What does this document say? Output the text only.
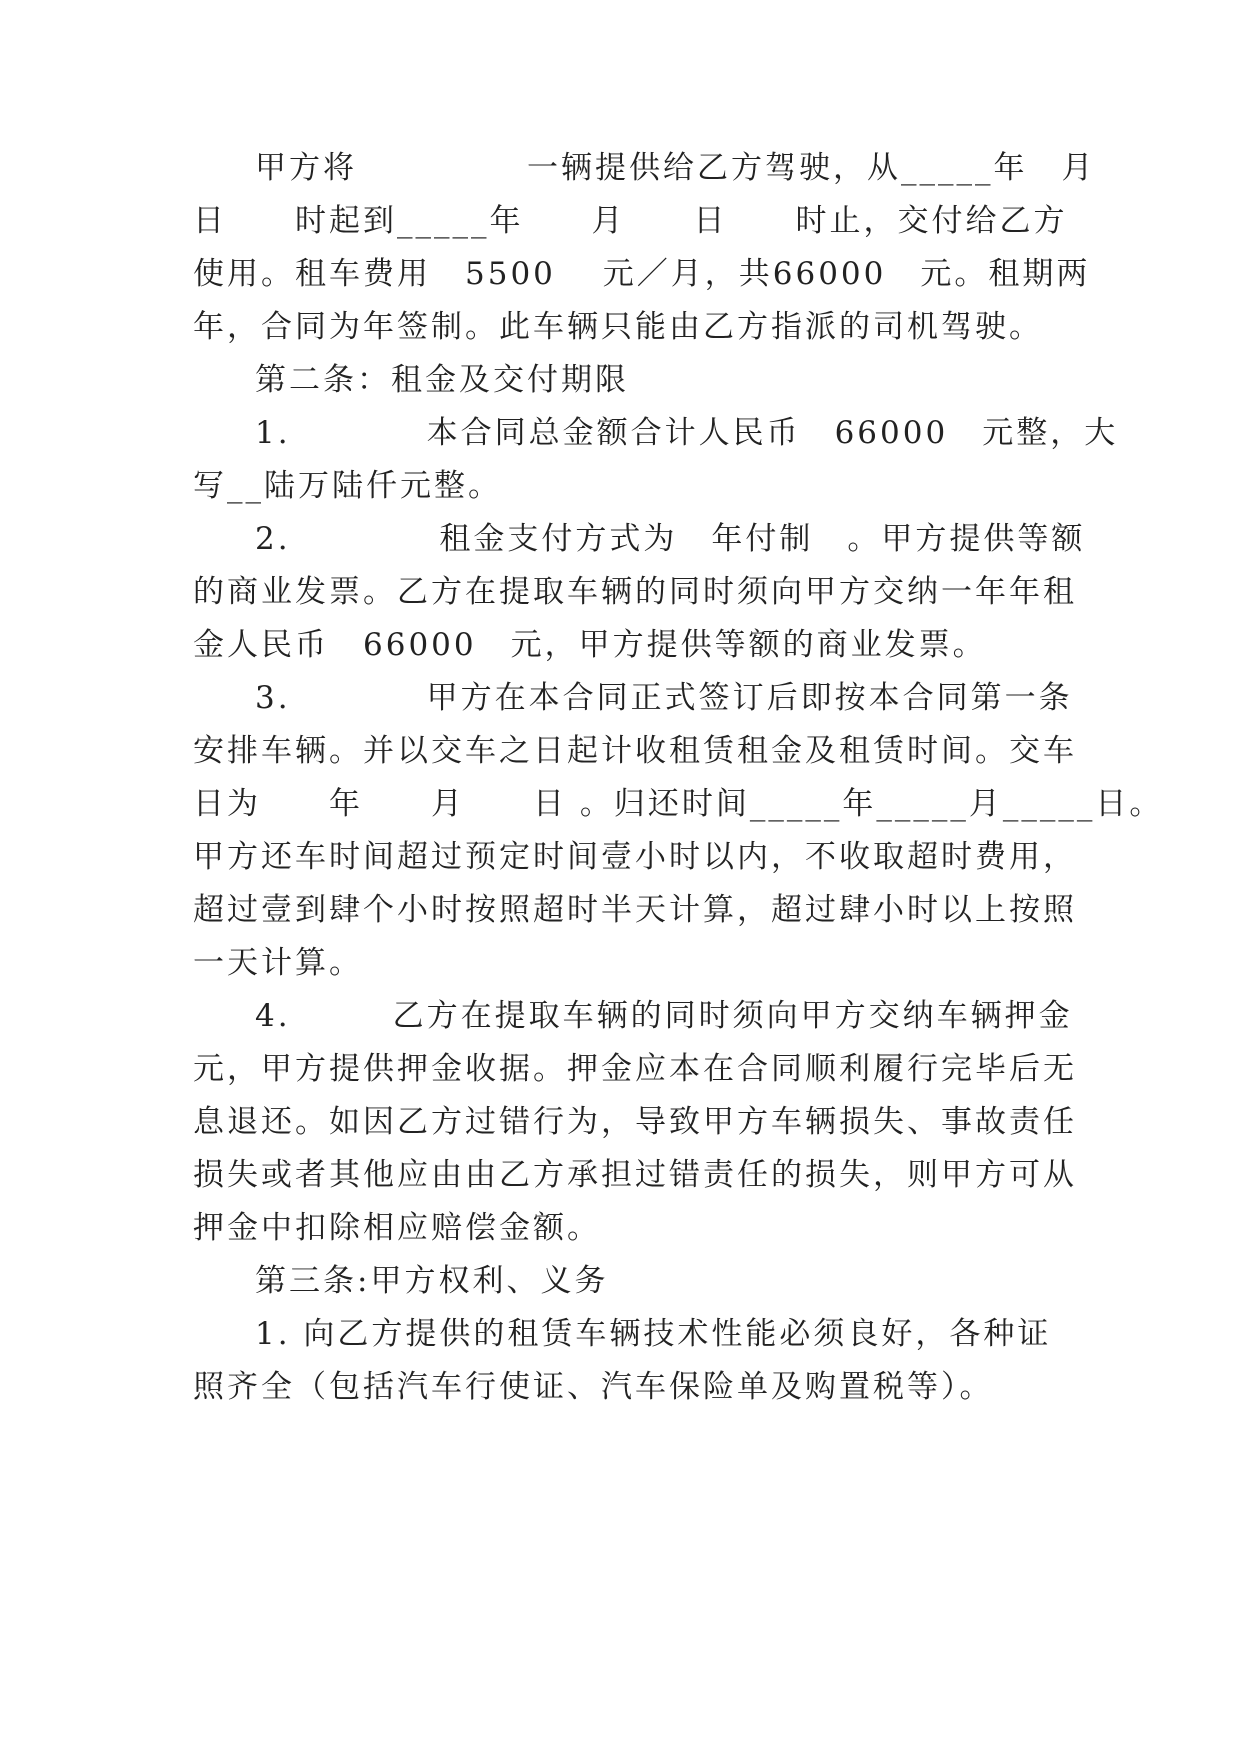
甲方将　　　　　一辆提供给乙方驾驶，从_____年　月
日　　时起到_____年　　月　　日　　时止，交付给乙方
使用。租车费用　5500　 元／月，共66000　元。租期两
年，合同为年签制。此车辆只能由乙方指派的司机驾驶。
第二条：租金及交付期限
1.　　　　本合同总金额合计人民币　66000　元整，大
写__陆万陆仟元整。
2.　　　　 租金支付方式为　年付制　。甲方提供等额
的商业发票。乙方在提取车辆的同时须向甲方交纳一年年租
金人民币　66000　元，甲方提供等额的商业发票。
3.　　　　甲方在本合同正式签订后即按本合同第一条
安排车辆。并以交车之日起计收租赁租金及租赁时间。交车
日为　　年　　月　　日 。归还时间_____年_____月_____日。
甲方还车时间超过预定时间壹小时以内，不收取超时费用，
超过壹到肆个小时按照超时半天计算，超过肆小时以上按照
一天计算。
4.　　　乙方在提取车辆的同时须向甲方交纳车辆押金
元，甲方提供押金收据。押金应本在合同顺利履行完毕后无
息退还。如因乙方过错行为，导致甲方车辆损失、事故责任
损失或者其他应由由乙方承担过错责任的损失，则甲方可从
押金中扣除相应赔偿金额。
第三条:甲方权利、义务
1. 向乙方提供的租赁车辆技术性能必须良好，各种证
照齐全（包括汽车行使证、汽车保险单及购置税等）。
